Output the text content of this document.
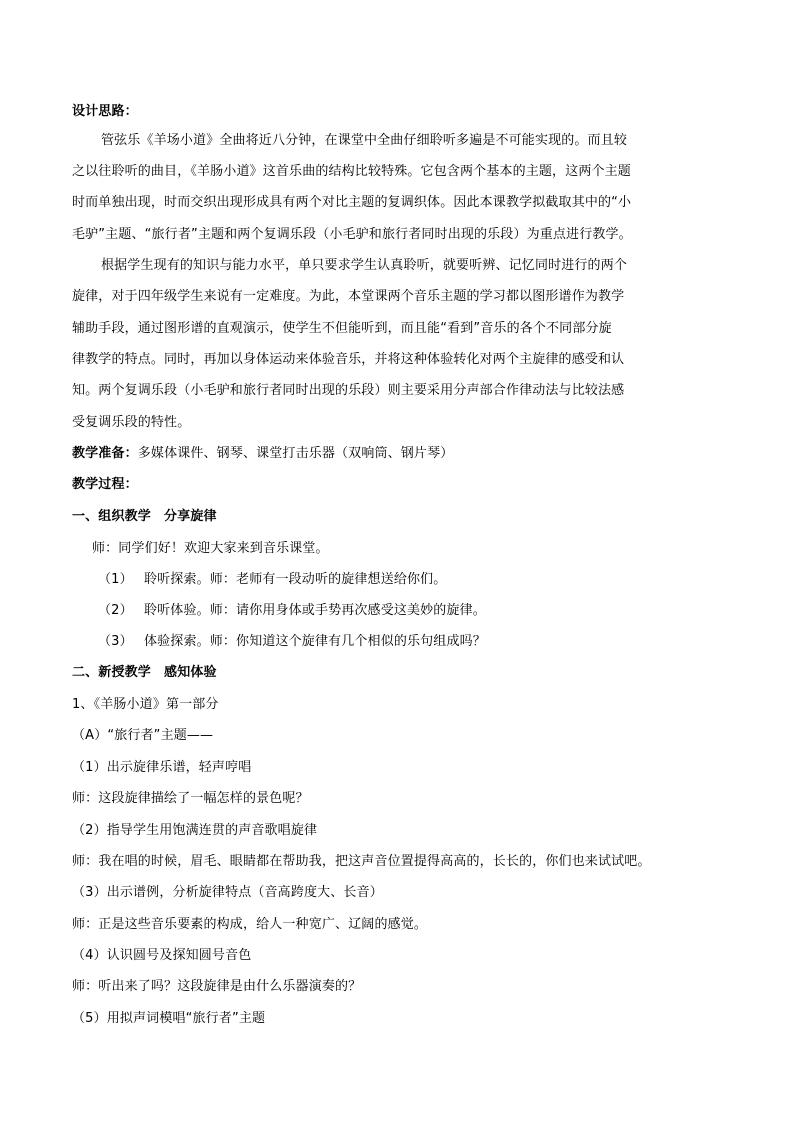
设计思路：
管弦乐《羊场小道》全曲将近八分钟，在课堂中全曲仔细聆听多遍是不可能实现的。而且较
之以往聆听的曲目，《羊肠小道》这首乐曲的结构比较特殊。它包含两个基本的主题，这两个主题
时而单独出现，时而交织出现形成具有两个对比主题的复调织体。因此本课教学拟截取其中的“小
毛驴”主题、“旅行者”主题和两个复调乐段（小毛驴和旅行者同时出现的乐段）为重点进行教学。
根据学生现有的知识与能力水平，单只要求学生认真聆听，就要听辨、记忆同时进行的两个
旋律，对于四年级学生来说有一定难度。为此，本堂课两个音乐主题的学习都以图形谱作为教学
辅助手段，通过图形谱的直观演示，使学生不但能听到，而且能“看到”音乐的各个不同部分旋
律教学的特点。同时，再加以身体运动来体验音乐，并将这种体验转化对两个主旋律的感受和认
知。两个复调乐段（小毛驴和旅行者同时出现的乐段）则主要采用分声部合作律动法与比较法感
受复调乐段的特性。
教学准备：多媒体课件、钢琴、课堂打击乐器（双响筒、钢片琴）
教学过程：
一、组织教学　分享旋律
师：同学们好！欢迎大家来到音乐课堂。
（1） 聆听探索。师：老师有一段动听的旋律想送给你们。
（2） 聆听体验。师：请你用身体或手势再次感受这美妙的旋律。
（3） 体验探索。师：你知道这个旋律有几个相似的乐句组成吗？
二、新授教学　感知体验
1、《羊肠小道》第一部分
（A）“旅行者”主题——
（1）出示旋律乐谱，轻声哼唱
师：这段旋律描绘了一幅怎样的景色呢？
（2）指导学生用饱满连贯的声音歌唱旋律
师：我在唱的时候，眉毛、眼睛都在帮助我，把这声音位置提得高高的，长长的，你们也来试试吧。
（3）出示谱例，分析旋律特点（音高跨度大、长音）
师：正是这些音乐要素的构成，给人一种宽广、辽阔的感觉。
（4）认识圆号及探知圆号音色
师：听出来了吗？这段旋律是由什么乐器演奏的？
（5）用拟声词模唱“旅行者”主题
